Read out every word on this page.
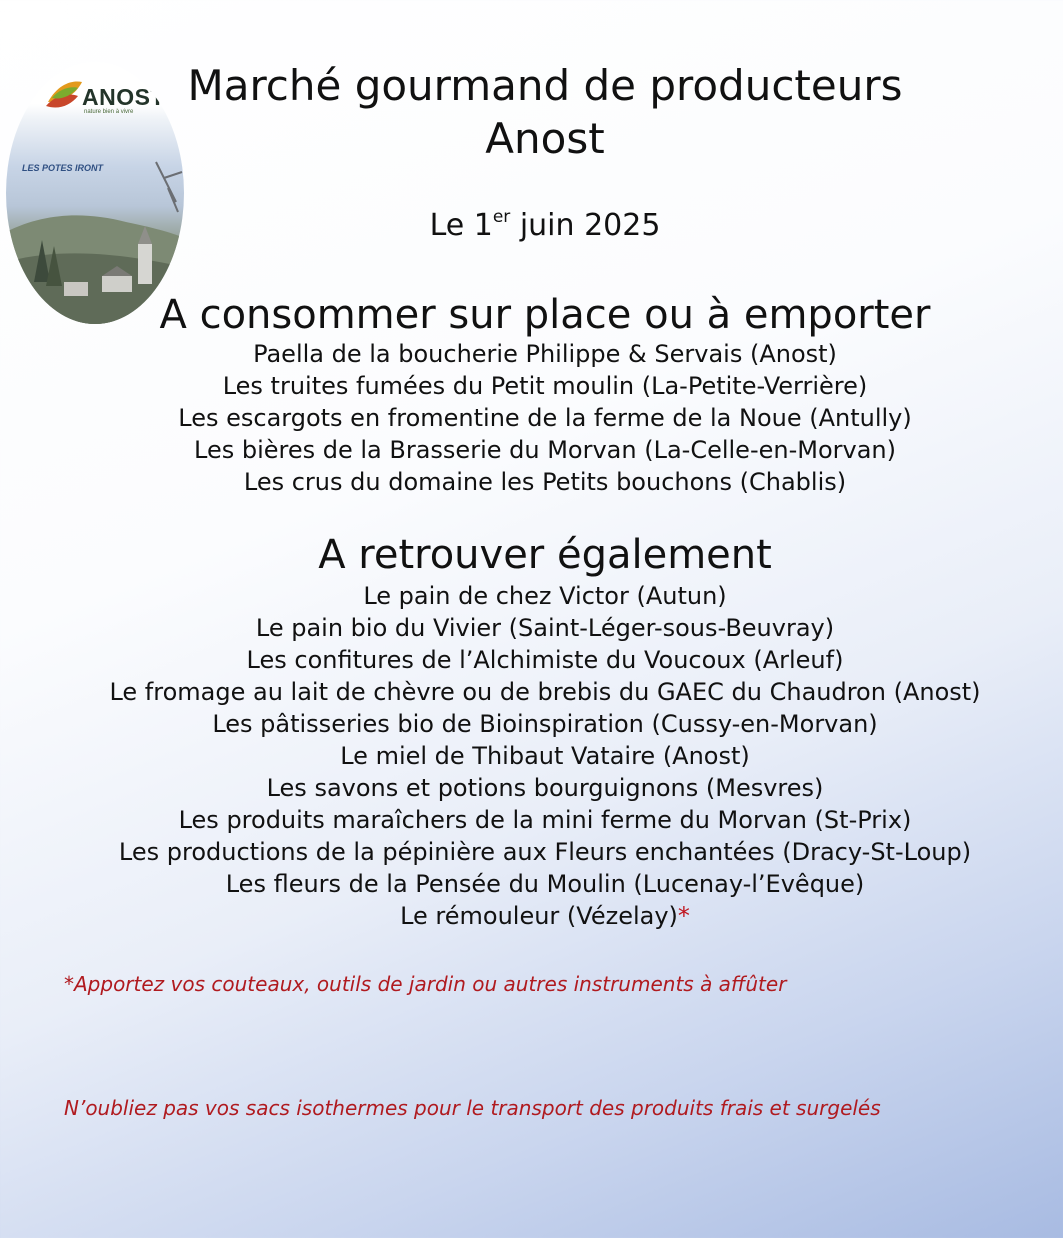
ANOST
nature bien à vivre
LES POTES IRONT
Marché gourmand de producteurs
Anost
Le 1er juin 2025
A consommer sur place ou à emporter
Paella de la boucherie Philippe & Servais (Anost)
Les truites fumées du Petit moulin (La-Petite-Verrière)
Les escargots en fromentine de la ferme de la Noue (Antully)
Les bières de la Brasserie du Morvan (La-Celle-en-Morvan)
Les crus du domaine les Petits bouchons (Chablis)
A retrouver également
Le pain de chez Victor (Autun)
Le pain bio du Vivier (Saint-Léger-sous-Beuvray)
Les confitures de l’Alchimiste du Voucoux (Arleuf)
Le fromage au lait de chèvre ou de brebis du GAEC du Chaudron (Anost)
Les pâtisseries bio de Bioinspiration (Cussy-en-Morvan)
Le miel de Thibaut Vataire (Anost)
Les savons et potions bourguignons (Mesvres)
Les produits maraîchers de la mini ferme du Morvan (St-Prix)
Les productions de la pépinière aux Fleurs enchantées (Dracy-St-Loup)
Les fleurs de la Pensée du Moulin (Lucenay-l’Evêque)
Le rémouleur (Vézelay)*
*Apportez vos couteaux, outils de jardin ou autres instruments à affûter
N’oubliez pas vos sacs isothermes pour le transport des produits frais et surgelés
